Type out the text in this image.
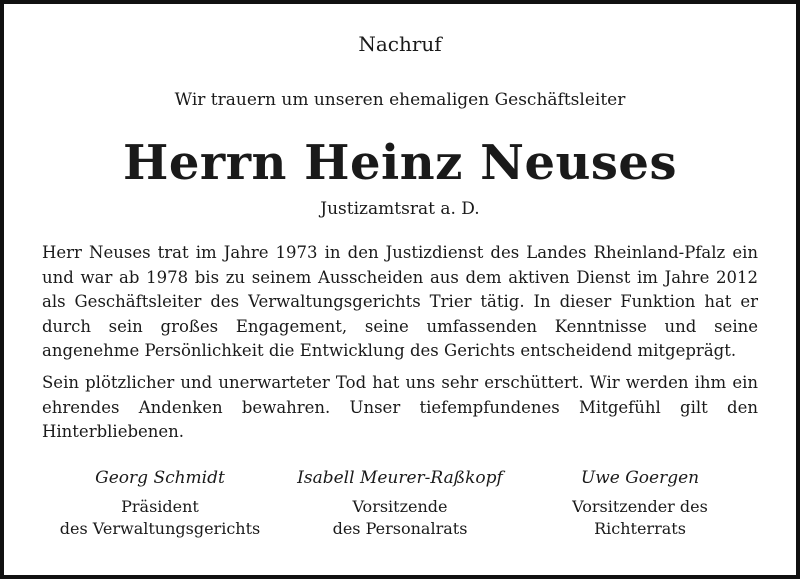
Nachruf
Wir trauern um unseren ehemaligen Geschäftsleiter
Herrn Heinz Neuses
Justizamtsrat a. D.
Herr Neuses trat im Jahre 1973 in den Justizdienst des Landes Rheinland-Pfalz ein und war ab 1978 bis zu seinem Ausscheiden aus dem aktiven Dienst im Jahre 2012 als Geschäftsleiter des Verwaltungsgerichts Trier tätig. In dieser Funktion hat er durch sein großes Engagement, seine umfassenden Kenntnisse und seine angenehme Persönlichkeit die Entwicklung des Gerichts entscheidend mitgeprägt.
Sein plötzlicher und unerwarteter Tod hat uns sehr erschüttert. Wir werden ihm ein ehrendes Andenken bewahren. Unser tiefempfundenes Mitgefühl gilt den Hinterbliebenen.
Georg Schmidt
Präsident
des Verwaltungsgerichts
Isabell Meurer-Raßkopf
Vorsitzende
des Personalrats
Uwe Goergen
Vorsitzender des
Richterrats
